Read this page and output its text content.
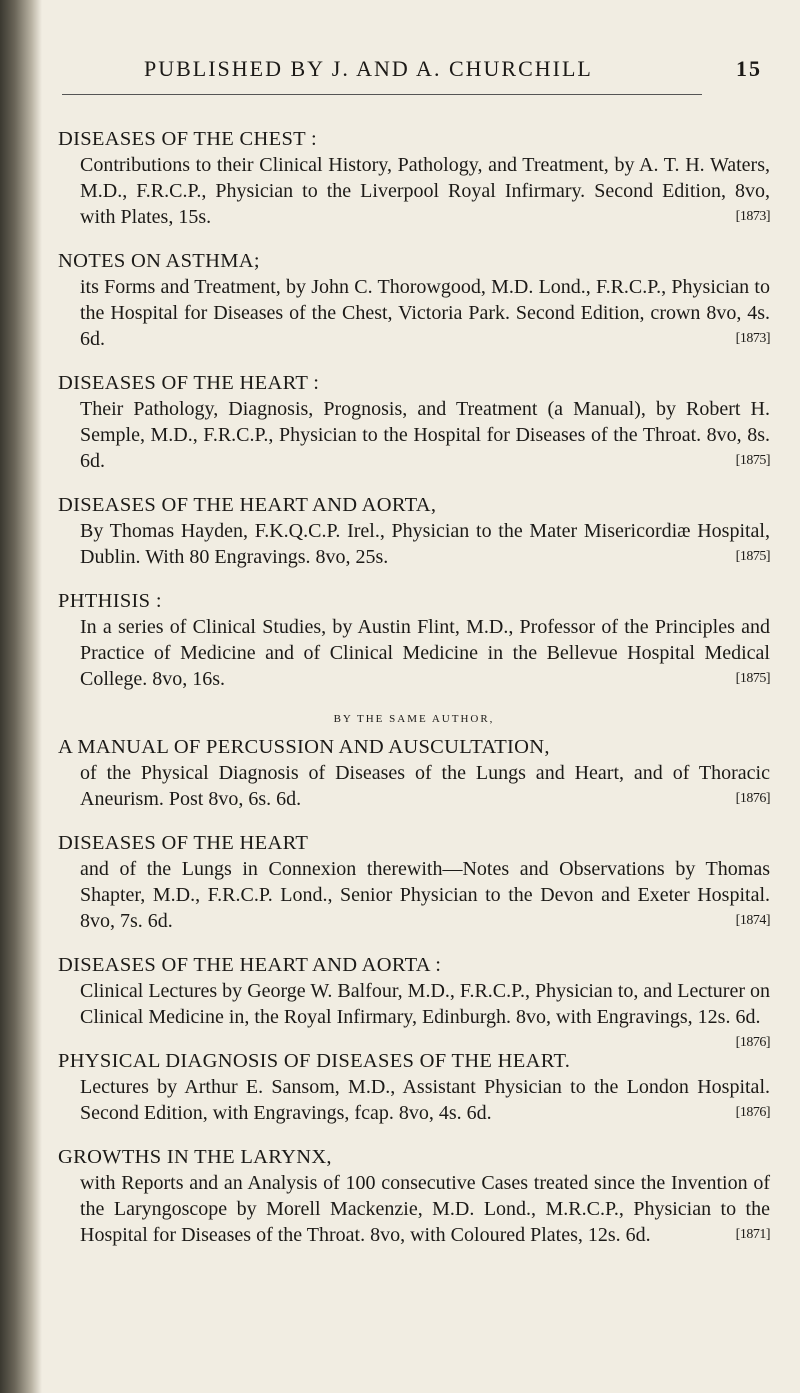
PUBLISHED BY J. AND A. CHURCHILL	15
DISEASES OF THE CHEST :
Contributions to their Clinical History, Pathology, and Treatment, by A. T. H. Waters, M.D., F.R.C.P., Physician to the Liverpool Royal Infirmary. Second Edition, 8vo, with Plates, 15s.	[1873]
NOTES ON ASTHMA;
its Forms and Treatment, by John C. Thorowgood, M.D. Lond., F.R.C.P., Physician to the Hospital for Diseases of the Chest, Victoria Park. Second Edition, crown 8vo, 4s. 6d.	[1873]
DISEASES OF THE HEART :
Their Pathology, Diagnosis, Prognosis, and Treatment (a Manual), by Robert H. Semple, M.D., F.R.C.P., Physician to the Hospital for Diseases of the Throat. 8vo, 8s. 6d.	[1875]
DISEASES OF THE HEART AND AORTA,
By Thomas Hayden, F.K.Q.C.P. Irel., Physician to the Mater Misericordiæ Hospital, Dublin. With 80 Engravings. 8vo, 25s.	[1875]
PHTHISIS :
In a series of Clinical Studies, by Austin Flint, M.D., Professor of the Principles and Practice of Medicine and of Clinical Medicine in the Bellevue Hospital Medical College. 8vo, 16s.	[1875]
BY THE SAME AUTHOR,
A MANUAL OF PERCUSSION AND AUSCULTATION,
of the Physical Diagnosis of Diseases of the Lungs and Heart, and of Thoracic Aneurism. Post 8vo, 6s. 6d.	[1876]
DISEASES OF THE HEART
and of the Lungs in Connexion therewith—Notes and Observations by Thomas Shapter, M.D., F.R.C.P. Lond., Senior Physician to the Devon and Exeter Hospital. 8vo, 7s. 6d.	[1874]
DISEASES OF THE HEART AND AORTA :
Clinical Lectures by George W. Balfour, M.D., F.R.C.P., Physician to, and Lecturer on Clinical Medicine in, the Royal Infirmary, Edinburgh. 8vo, with Engravings, 12s. 6d.
[1876]
PHYSICAL DIAGNOSIS OF DISEASES OF THE HEART.
Lectures by Arthur E. Sansom, M.D., Assistant Physician to the London Hospital. Second Edition, with Engravings, fcap. 8vo, 4s. 6d.	[1876]
GROWTHS IN THE LARYNX,
with Reports and an Analysis of 100 consecutive Cases treated since the Invention of the Laryngoscope by Morell Mackenzie, M.D. Lond., M.R.C.P., Physician to the Hospital for Diseases of the Throat. 8vo, with Coloured Plates, 12s. 6d.	[1871]
